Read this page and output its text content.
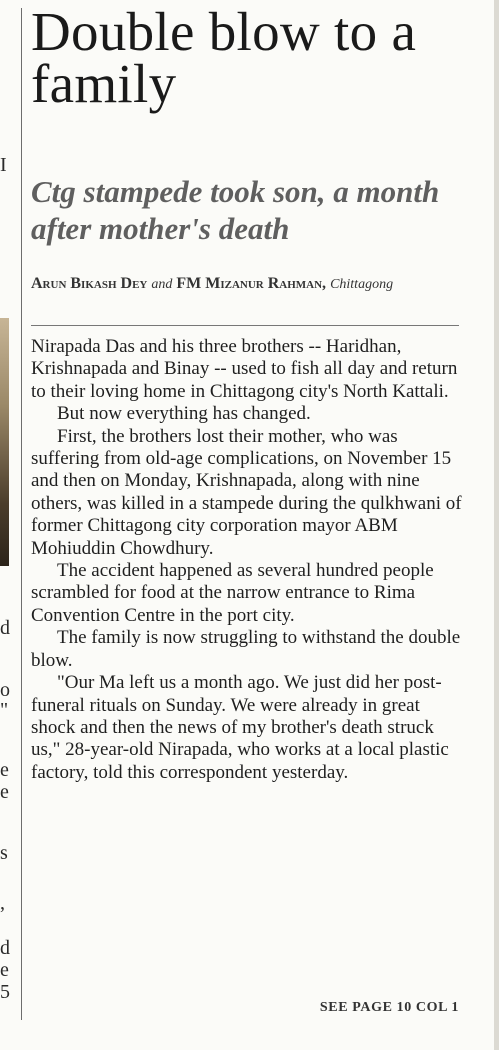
I
d
o
"
e
e
s
,
d
e
5
Double blow to a family
Ctg stampede took son, a month after mother's death
Arun Bikash Dey and FM Mizanur Rahman, Chittagong

Nirapada Das and his three brothers -- Haridhan, Krishnapada and Binay -- used to fish all day and return to their loving home in Chittagong city's North Kattali.

But now everything has changed.

First, the brothers lost their mother, who was suffering from old-age complications, on November 15 and then on Monday, Krishnapada, along with nine others, was killed in a stampede during the qulkhwani of former Chittagong city corporation mayor ABM Mohiuddin Chowdhury.

The accident happened as several hundred people scrambled for food at the narrow entrance to Rima Convention Centre in the port city.

The family is now struggling to withstand the double blow.

"Our Ma left us a month ago. We just did her post-funeral rituals on Sunday. We were already in great shock and then the news of my brother's death struck us," 28-year-old Nirapada, who works at a local plastic factory, told this correspondent yesterday.

SEE PAGE 10 COL 1
